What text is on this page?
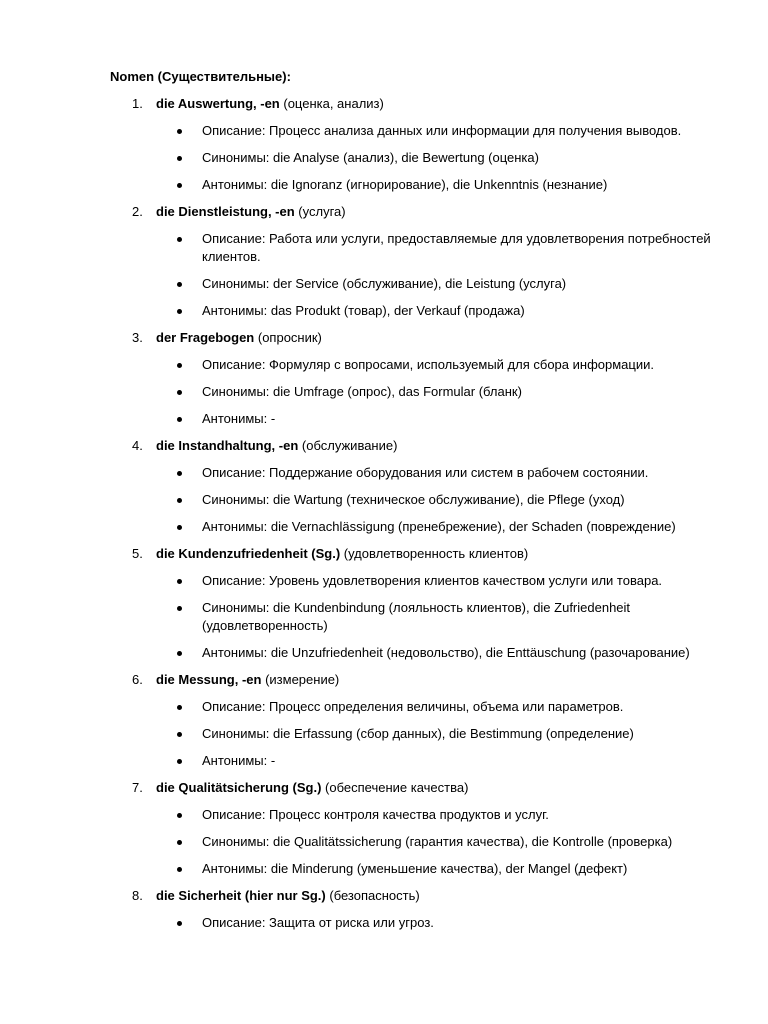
Nomen (Существительные):
1. die Auswertung, -en (оценка, анализ)
Описание: Процесс анализа данных или информации для получения выводов.
Синонимы: die Analyse (анализ), die Bewertung (оценка)
Антонимы: die Ignoranz (игнорирование), die Unkenntnis (незнание)
2. die Dienstleistung, -en (услуга)
Описание: Работа или услуги, предоставляемые для удовлетворения потребностей клиентов.
Синонимы: der Service (обслуживание), die Leistung (услуга)
Антонимы: das Produkt (товар), der Verkauf (продажа)
3. der Fragebogen (опросник)
Описание: Формуляр с вопросами, используемый для сбора информации.
Синонимы: die Umfrage (опрос), das Formular (бланк)
Антонимы: -
4. die Instandhaltung, -en (обслуживание)
Описание: Поддержание оборудования или систем в рабочем состоянии.
Синонимы: die Wartung (техническое обслуживание), die Pflege (уход)
Антонимы: die Vernachlässigung (пренебрежение), der Schaden (повреждение)
5. die Kundenzufriedenheit (Sg.) (удовлетворенность клиентов)
Описание: Уровень удовлетворения клиентов качеством услуги или товара.
Синонимы: die Kundenbindung (лояльность клиентов), die Zufriedenheit (удовлетворенность)
Антонимы: die Unzufriedenheit (недовольство), die Enttäuschung (разочарование)
6. die Messung, -en (измерение)
Описание: Процесс определения величины, объема или параметров.
Синонимы: die Erfassung (сбор данных), die Bestimmung (определение)
Антонимы: -
7. die Qualitätsicherung (Sg.) (обеспечение качества)
Описание: Процесс контроля качества продуктов и услуг.
Синонимы: die Qualitätssicherung (гарантия качества), die Kontrolle (проверка)
Антонимы: die Minderung (уменьшение качества), der Mangel (дефект)
8. die Sicherheit (hier nur Sg.) (безопасность)
Описание: Защита от риска или угроз.
